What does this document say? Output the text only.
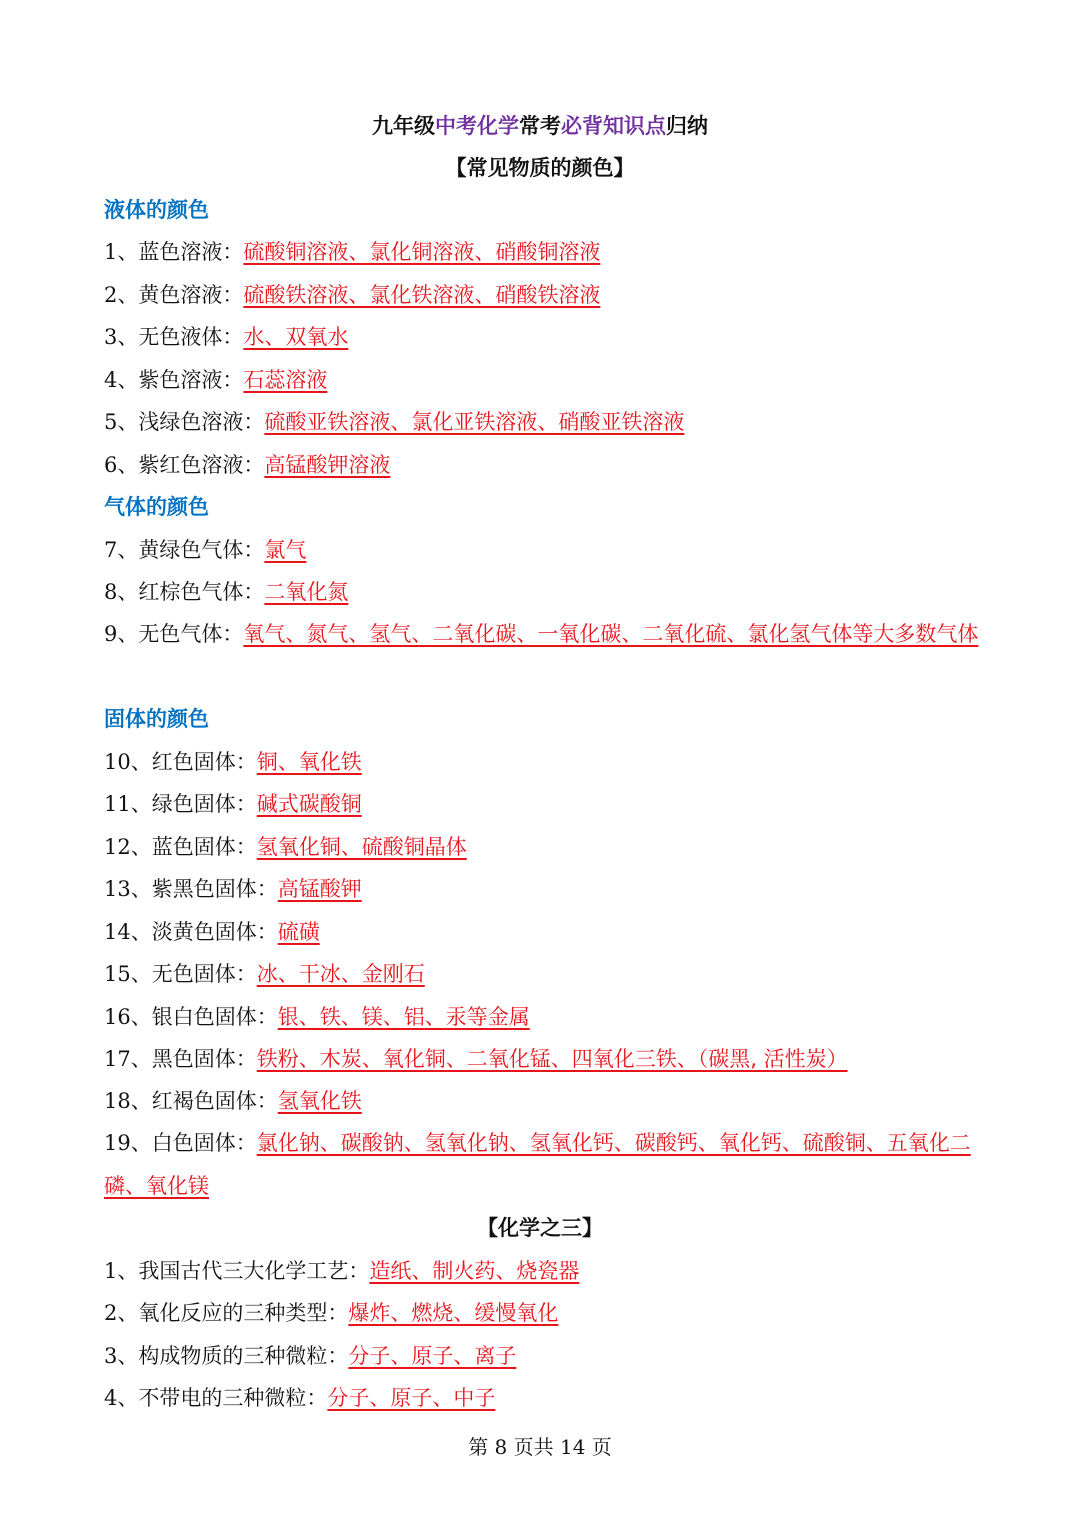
九年级中考化学常考必背知识点归纳
【常见物质的颜色】
液体的颜色
1、蓝色溶液：硫酸铜溶液、氯化铜溶液、硝酸铜溶液
2、黄色溶液：硫酸铁溶液、氯化铁溶液、硝酸铁溶液
3、无色液体：水、双氧水
4、紫色溶液：石蕊溶液
5、浅绿色溶液：硫酸亚铁溶液、氯化亚铁溶液、硝酸亚铁溶液
6、紫红色溶液：高锰酸钾溶液
气体的颜色
7、黄绿色气体：氯气
8、红棕色气体：二氧化氮
9、无色气体：氧气、氮气、氢气、二氧化碳、一氧化碳、二氧化硫、氯化氢气体等大多数气体
固体的颜色
10、红色固体：铜、氧化铁
11、绿色固体：碱式碳酸铜
12、蓝色固体：氢氧化铜、硫酸铜晶体
13、紫黑色固体：高锰酸钾
14、淡黄色固体：硫磺
15、无色固体：冰、干冰、金刚石
16、银白色固体：银、铁、镁、铝、汞等金属
17、黑色固体：铁粉、木炭、氧化铜、二氧化锰、四氧化三铁、（碳黑, 活性炭）
18、红褐色固体：氢氧化铁
19、白色固体：氯化钠、碳酸钠、氢氧化钠、氢氧化钙、碳酸钙、氧化钙、硫酸铜、五氧化二磷、氧化镁
【化学之三】
1、我国古代三大化学工艺：造纸、制火药、烧瓷器
2、氧化反应的三种类型：爆炸、燃烧、缓慢氧化
3、构成物质的三种微粒：分子、原子、离子
4、不带电的三种微粒：分子、原子、中子
第 8 页共 14 页
